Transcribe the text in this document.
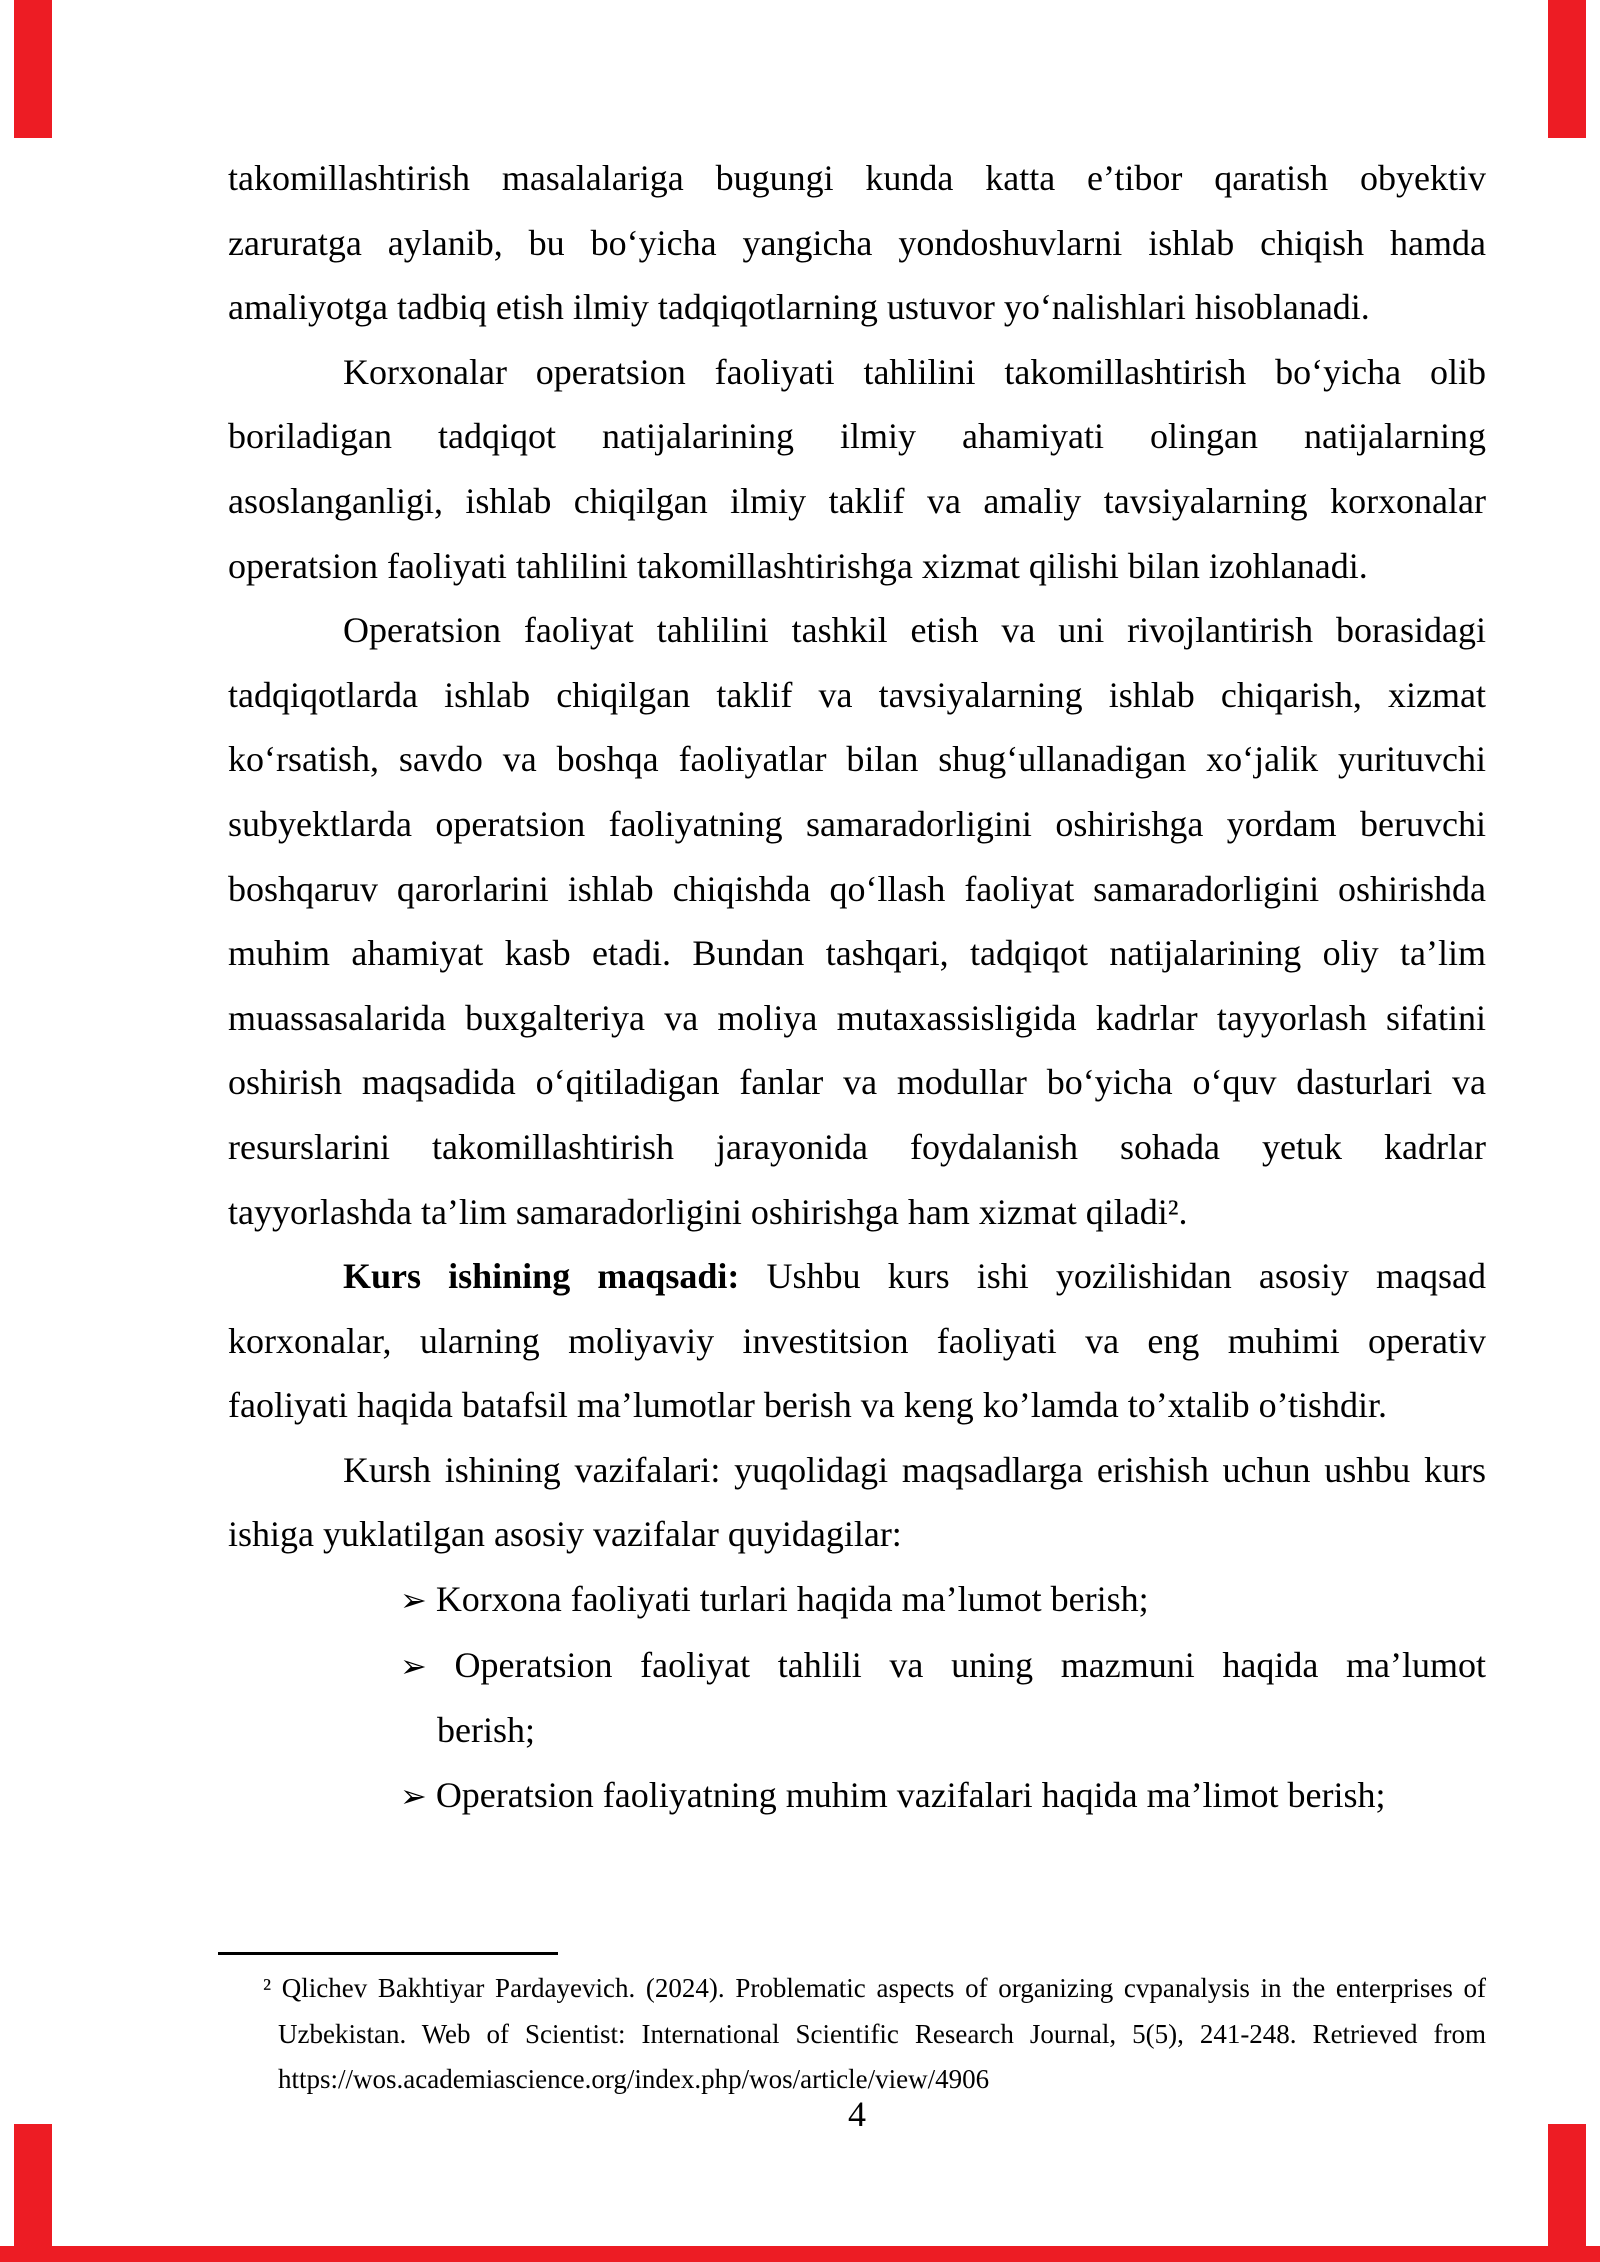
takomillashtirish masalalariga bugungi kunda katta e’tibor qaratish obyektiv
zaruratga aylanib, bu boʻyicha yangicha yondoshuvlarni ishlab chiqish hamda
amaliyotga tadbiq etish ilmiy tadqiqotlarning ustuvor yoʻnalishlari hisoblanadi.
Korxonalar operatsion faoliyati tahlilini takomillashtirish boʻyicha olib
boriladigan tadqiqot natijalarining ilmiy ahamiyati olingan natijalarning
asoslanganligi, ishlab chiqilgan ilmiy taklif va amaliy tavsiyalarning korxonalar
operatsion faoliyati tahlilini takomillashtirishga xizmat qilishi bilan izohlanadi.
Operatsion faoliyat tahlilini tashkil etish va uni rivojlantirish borasidagi
tadqiqotlarda ishlab chiqilgan taklif va tavsiyalarning ishlab chiqarish, xizmat
koʻrsatish, savdo va boshqa faoliyatlar bilan shugʻullanadigan xoʻjalik yurituvchi
subyektlarda operatsion faoliyatning samaradorligini oshirishga yordam beruvchi
boshqaruv qarorlarini ishlab chiqishda qoʻllash faoliyat samaradorligini oshirishda
muhim ahamiyat kasb etadi. Bundan tashqari, tadqiqot natijalarining oliy ta’lim
muassasalarida buxgalteriya va moliya mutaxassisligida kadrlar tayyorlash sifatini
oshirish maqsadida oʻqitiladigan fanlar va modullar boʻyicha oʻquv dasturlari va
resurslarini takomillashtirish jarayonida foydalanish sohada yetuk kadrlar
tayyorlashda ta’lim samaradorligini oshirishga ham xizmat qiladi².
Kurs ishining maqsadi: Ushbu kurs ishi yozilishidan asosiy maqsad
korxonalar, ularning moliyaviy investitsion faoliyati va eng muhimi operativ
faoliyati haqida batafsil ma’lumotlar berish va keng ko’lamda to’xtalib o’tishdir.
Kursh ishining vazifalari: yuqolidagi maqsadlarga erishish uchun ushbu kurs
ishiga yuklatilgan asosiy vazifalar quyidagilar:
➢ Korxona faoliyati turlari haqida ma’lumot berish;
➢ Operatsion faoliyat tahlili va uning mazmuni haqida ma’lumot
berish;
➢ Operatsion faoliyatning muhim vazifalari haqida ma’limot berish;
² Qlichev Bakhtiyar Pardayevich. (2024). Problematic aspects of organizing cvpanalysis in the enterprises of
Uzbekistan. Web of Scientist: International Scientific Research Journal, 5(5), 241-248. Retrieved from
https://wos.academiascience.org/index.php/wos/article/view/4906
4
